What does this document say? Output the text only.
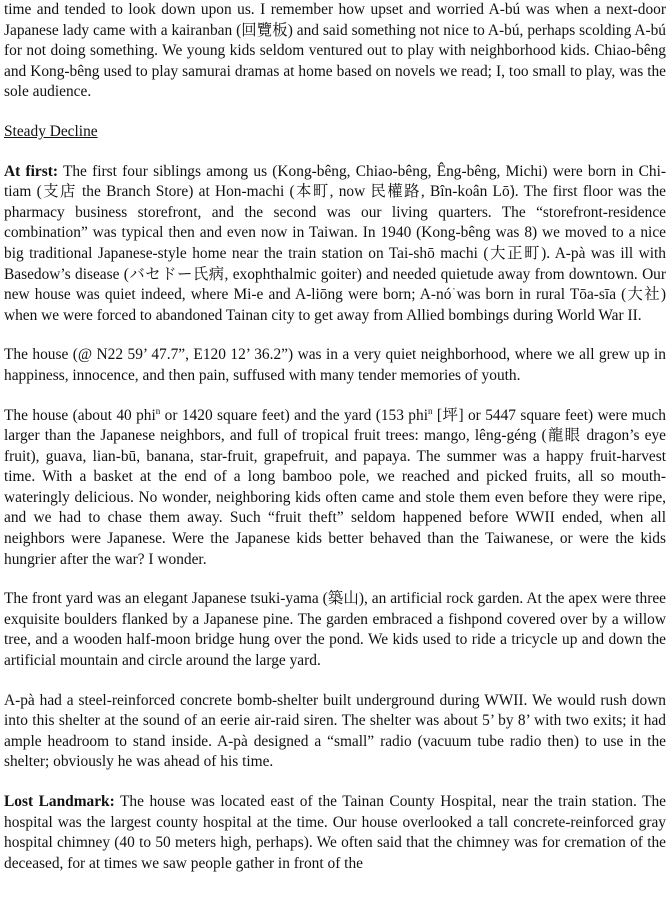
time and tended to look down upon us. I remember how upset and worried A-bú was when a next-door Japanese lady came with a kairanban (回覽板) and said something not nice to A-bú, perhaps scolding A-bú for not doing something. We young kids seldom ventured out to play with neighborhood kids. Chiao-bêng and Kong-bêng used to play samurai dramas at home based on novels we read; I, too small to play, was the sole audience.

Steady Decline

At first: The first four siblings among us (Kong-bêng, Chiao-bêng, Êng-bêng, Michi) were born in Chi-tiam (支店 the Branch Store) at Hon-machi (本町, now 民權路, Bîn-koân Lō͘). The first floor was the pharmacy business storefront, and the second was our living quarters. The “storefront-residence combination” was typical then and even now in Taiwan. In 1940 (Kong-bêng was 8) we moved to a nice big traditional Japanese-style home near the train station on Tai-shō machi (大正町). A-pà was ill with Basedow’s disease (バセドー氏病, exophthalmic goiter) and needed quietude away from downtown. Our new house was quiet indeed, where Mi-e and A-liōng were born; A-nó͘ was born in rural Tōa-sīa (大社) when we were forced to abandoned Tainan city to get away from Allied bombings during World War II.

The house (@ N22 59’ 47.7”, E120 12’ 36.2”) was in a very quiet neighborhood, where we all grew up in happiness, innocence, and then pain, suffused with many tender memories of youth.

The house (about 40 phi$^n$ or 1420 square feet) and the yard (153 phi$^n$ [坪] or 5447 square feet) were much larger than the Japanese neighbors, and full of tropical fruit trees: mango, lêng-géng (龍眼 dragon’s eye fruit), guava, lian-bū, banana, star-fruit, grapefruit, and papaya. The summer was a happy fruit-harvest time. With a basket at the end of a long bamboo pole, we reached and picked fruits, all so mouth-wateringly delicious. No wonder, neighboring kids often came and stole them even before they were ripe, and we had to chase them away. Such “fruit theft” seldom happened before WWII ended, when all neighbors were Japanese. Were the Japanese kids better behaved than the Taiwanese, or were the kids hungrier after the war? I wonder.

The front yard was an elegant Japanese tsuki-yama (築山), an artificial rock garden. At the apex were three exquisite boulders flanked by a Japanese pine. The garden embraced a fishpond covered over by a willow tree, and a wooden half-moon bridge hung over the pond. We kids used to ride a tricycle up and down the artificial mountain and circle around the large yard.

A-pà had a steel-reinforced concrete bomb-shelter built underground during WWII. We would rush down into this shelter at the sound of an eerie air-raid siren. The shelter was about 5’ by 8’ with two exits; it had ample headroom to stand inside. A-pà designed a “small” radio (vacuum tube radio then) to use in the shelter; obviously he was ahead of his time.

Lost Landmark: The house was located east of the Tainan County Hospital, near the train station. The hospital was the largest county hospital at the time. Our house overlooked a tall concrete-reinforced gray hospital chimney (40 to 50 meters high, perhaps). We often said that the chimney was for cremation of the deceased, for at times we saw people gather in front of the
